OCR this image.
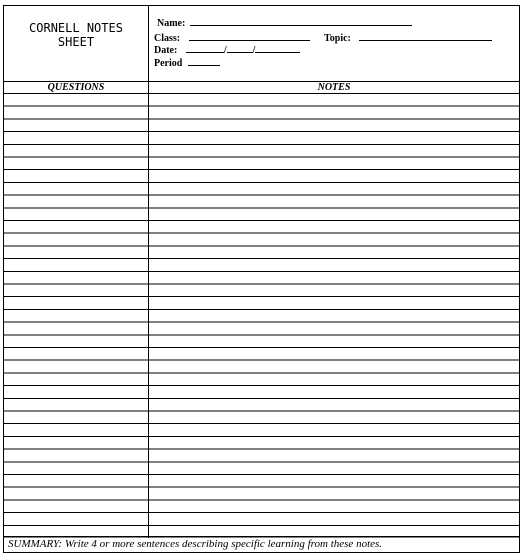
CORNELL NOTES
SHEET
Name:
Class:	Topic:
Date:	/	/
Period
QUESTIONS	NOTES
SUMMARY: Write 4 or more sentences describing specific learning from these notes.
